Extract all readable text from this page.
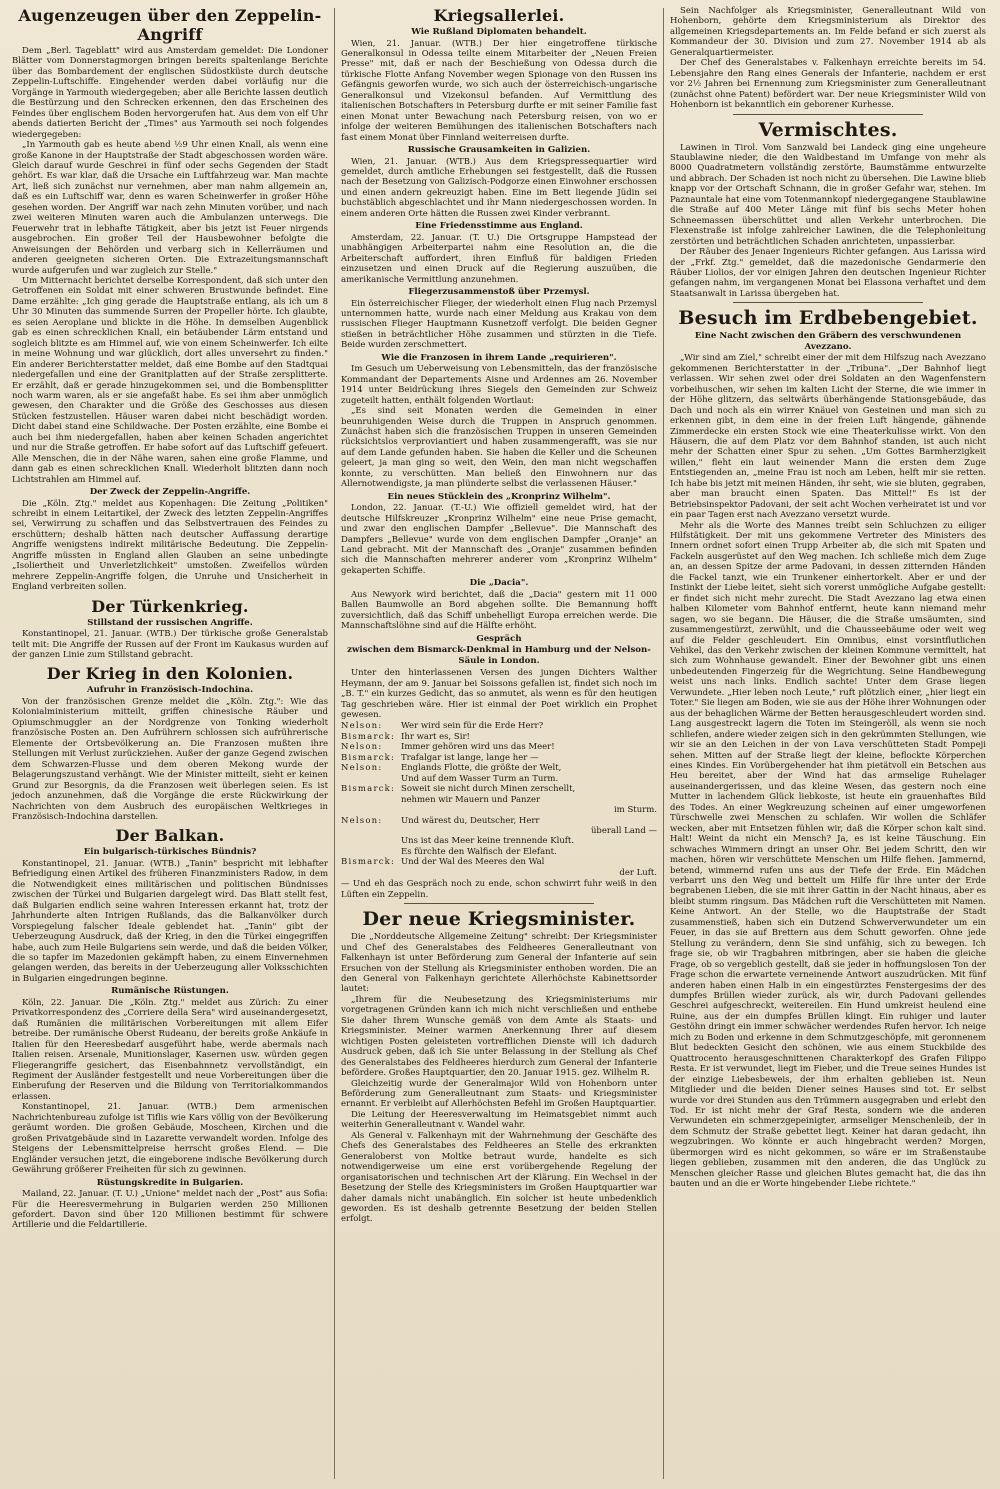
Augenzeugen über den Zeppelin-Angriff

Dem „Berl. Tageblatt" wird aus Amsterdam gemeldet: Die Londoner Blätter vom Donnerstagmorgen bringen bereits spaltenlange Berichte über das Bombardement der englischen Südostküste durch deutsche Zeppelin-Luftschiffe. Eingehender werden dabei vorläufig nur die Vorgänge in Yarmouth wiedergegeben; aber alle Berichte lassen deutlich die Bestürzung und den Schrecken erkennen, den das Erscheinen des Feindes über englischem Boden hervorgerufen hat. Aus dem von elf Uhr abends datierten Bericht der „Times" aus Yarmouth sei noch folgendes wiedergegeben:

„In Yarmouth gab es heute abend ½9 Uhr einen Knall, als wenn eine große Kanone in der Hauptstraße der Stadt abgeschossen worden wäre. Gleich darauf wurde Geschrei in fünf oder sechs Gegenden der Stadt gehört. Es war klar, daß die Ursache ein Luftfahrzeug war. Man machte Art, ließ sich zunächst nur vernehmen, aber man nahm allgemein an, daß es ein Luftschiff war, denn es waren Scheinwerfer in großer Höhe gesehen worden. Der Angriff war nach zehn Minuten vorüber, und nach zwei weiteren Minuten waren auch die Ambulanzen unterwegs. Die Feuerwehr trat in lebhafte Tätigkeit, aber bis jetzt ist Feuer nirgends ausgebrochen. Ein großer Teil der Hausbewohner befolgte die Anweisungen der Behörden und verbarg sich in Kellerräumen und anderen geeigneten sicheren Orten. Die Extrazeitungsmannschaft wurde aufgerufen und war zugleich zur Stelle."

Um Mitternacht berichtet derselbe Korrespondent, daß sich unter den Getroffenen ein Soldat mit einer schweren Brustwunde befindet. Eine Dame erzählte: „Ich ging gerade die Hauptstraße entlang, als ich um 8 Uhr 30 Minuten das summende Surren der Propeller hörte. Ich glaubte, es seien Aeroplane und blickte in die Höhe. In demselben Augenblick gab es einen schrecklichen Knall, ein betäubender Lärm entstand und sogleich blitzte es am Himmel auf, wie von einem Scheinwerfer. Ich eilte in meine Wohnung und war glücklich, dort alles unversehrt zu finden." Ein anderer Berichterstatter meldet, daß eine Bombe auf den Stadtquai niedergefallen und eine der Granitplatten auf der Straße zersplitterte. Er erzählt, daß er gerade hinzugekommen sei, und die Bombensplitter noch warm waren, als er sie angefaßt habe. Es sei ihm aber unmöglich gewesen, den Charakter und die Größe des Geschosses aus diesen Stücken festzustellen. Häuser waren dabei nicht beschädigt worden. Dicht dabei stand eine Schildwache. Der Posten erzählte, eine Bombe ei auch bei ihm niedergefallen, haben aber keinen Schaden angerichtet und nur die Straße getroffen. Er habe sofort auf das Luftschiff gefeuert. Alle Menschen, die in der Nähe waren, sahen eine große Flamme, und dann gab es einen schrecklichen Knall. Wiederholt blitzten dann noch Lichtstrahlen am Himmel auf.

Der Zweck der Zeppelin-Angriffe.

Die „Köln. Ztg." meldet aus Kopenhagen: Die Zeitung „Politiken" schreibt in einem Leitartikel, der Zweck des letzten Zeppelin-Angriffes sei, Verwirrung zu schaffen und das Selbstvertrauen des Feindes zu erschüttern; deshalb hätten nach deutscher Auffassung derartige Angriffe wenigstens indirekt militärische Bedeutung. Die Zeppelin-Angriffe müssten in England allen Glauben an seine unbedingte „Isoliertheit und Unverletzlichkeit" umstoßen. Zweifellos würden mehrere Zeppelin-Angriffe folgen, die Unruhe und Unsicherheit in England verbreiten sollen.

Der Türkenkrieg.
Stillstand der russischen Angriffe.

Konstantinopel, 21. Januar. (WTB.) Der türkische große Generalstab teilt mit: Die Angriffe der Russen auf der Front im Kaukasus wurden auf der ganzen Linie zum Stillstand gebracht.

Der Krieg in den Kolonien.
Aufruhr in Französisch-Indochina.

Von der französischen Grenze meldet die „Köln. Ztg.": Wie das Kolonialministerium mitteilt, griffen chinesische Räuber und Opiumschmuggler an der Nordgrenze von Tonking wiederholt französische Posten an. Den Aufrührern schlossen sich aufrührerische Elemente der Ortsbevölkerung an. Die Franzosen mußten ihre Stellungen mit Verlust zurückziehen. Außer der ganze Gegend zwischen dem Schwarzen-Flusse und dem oberen Mekong wurde der Belagerungszustand verhängt. Wie der Minister mitteilt, sieht er keinen Grund zur Besorgnis, da die Franzosen weit überlegen seien. Es ist jedoch anzunehmen, daß die Vorgänge die erste Rückwirkung der Nachrichten von dem Ausbruch des europäischen Weltkrieges in Französisch-Indochina darstellen.

Der Balkan.
Ein bulgarisch-türkisches Bündnis?

Konstantinopel, 21. Januar. (WTB.) „Tanin" bespricht mit lebhafter Befriedigung einen Artikel des früheren Finanzministers Radow, in dem die Notwendigkeit eines militärischen und politischen Bündnisses zwischen der Türkei und Bulgarien dargelegt wird. Das Blatt stellt fest, daß Bulgarien endlich seine wahren Interessen erkannt hat, trotz der Jahrhunderte alten Intrigen Rußlands, das die Balkanvölker durch Vorspiegelung falscher Ideale geblendet hat. „Tanin" gibt der Ueberzeugung Ausdruck, daß der Krieg, in den die Türkei eingegriffen habe, auch zum Heile Bulgariens sein werde, und daß die beiden Völker, die so tapfer im Mazedonien gekämpft haben, zu einem Einvernehmen gelangen werden, das bereits in der Ueberzeugung aller Volksschichten in Bulgarien eingedrungen beginne.

Rumänische Rüstungen.

Köln, 22. Januar. Die „Köln. Ztg." meldet aus Zürich: Zu einer Privatkorrespondenz des „Corriere della Sera" wird auseinandergesetzt, daß Rumänien die militärischen Vorbereitungen mit allem Eifer betreibe. Der rumänische Oberst Rudeanu, der bereits große Ankäufe in Italien für den Heeresbedarf ausgeführt habe, werde abermals nach Italien reisen. Arsenale, Munitionslager, Kasernen usw. würden gegen Fliegerangriffe gesichert, das Eisenbahnnetz vervollständigt, ein Regiment der Ausländer festgestellt und neue Vorbereitungen über die Einberufung der Reserven und die Bildung von Territorialkommandos erlassen.

Konstantinopel, 21. Januar. (WTB.) Dem armenischen Nachrichtenbureau zufolge ist Tiflis wie Kars völlig von der Bevölkerung geräumt worden. Die großen Gebäude, Moscheen, Kirchen und die großen Privatgebäude sind in Lazarette verwandelt worden. Infolge des Steigens der Lebensmittelpreise herrscht großes Elend. — Die Engländer versuchen jetzt, die eingeborene indische Bevölkerung durch Gewährung größerer Freiheiten für sich zu gewinnen.

Rüstungskredite in Bulgarien.

Mailand, 22. Januar. (T. U.) „Unione" meldet nach der „Post" aus Sofia: Für die Heeresvermehrung in Bulgarien werden 250 Millionen gefordert. Davon sind über 120 Millionen bestimmt für schwere Artillerie und die Feldartillerie.

Kriegsallerlei.
Wie Rußland Diplomaten behandelt.

Wien, 21. Januar. (WTB.) Der hier eingetroffene türkische Generalkonsul in Odessa teilte einem Mitarbeiter der „Neuen Freien Presse" mit, daß er nach der Beschießung von Odessa durch die türkische Flotte Anfang November wegen Spionage von den Russen ins Gefängnis geworfen wurde, wo sich auch der österreichisch-ungarische Generalkonsul und Vizekonsul befanden. Auf Vermittlung des italienischen Botschafters in Petersburg durfte er mit seiner Familie fast einen Monat unter Bewachung nach Petersburg reisen, von wo er infolge der weiteren Bemühungen des italienischen Botschafters nach fast einem Monat über Finnland weiterreisen durfte.

Russische Grausamkeiten in Galizien.

Wien, 21. Januar. (WTB.) Aus dem Kriegspressequartier wird gemeldet, durch amtliche Erhebungen sei festgestellt, daß die Russen nach der Besetzung von Galizisch-Podgorze einen Einwohner erschossen und einen andern gekreuzigt haben. Eine im Bett liegende Jüdin sei buchstäblich abgeschlachtet und ihr Mann niedergeschossen worden. In einem anderen Orte hätten die Russen zwei Kinder verbrannt.

Eine Friedensstimme aus England.

Amsterdam, 22. Januar. (T. U.) Die Ortsgruppe Hampstead der unabhängigen Arbeiterpartei nahm eine Resolution an, die die Arbeiterschaft auffordert, ihren Einfluß für baldigen Frieden einzusetzen und einen Druck auf die Regierung auszuüben, die amerikanische Vermittlung anzunehmen.

Fliegerzusammenstoß über Przemysl.

Ein österreichischer Flieger, der wiederholt einen Flug nach Przemysl unternommen hatte, wurde nach einer Meldung aus Krakau von dem russischen Flieger Hauptmann Kusnetzoff verfolgt. Die beiden Gegner stießen in beträchtlicher Höhe zusammen und stürzten in die Tiefe. Beide wurden zerschmettert.

Wie die Franzosen in ihrem Lande „requirieren".

Im Gesuch um Ueberweisung von Lebensmitteln, das der französische Kommandant der Departements Aisne und Ardennes am 26. November 1914 unter Beidrückung ihres Siegels den Gemeinden zur Schweiz zugeteilt hatten, enthält folgenden Wortlaut:

„Es sind seit Monaten werden die Gemeinden in einer beunruhigenden Weise durch die Truppen in Anspruch genommen. Zunächst haben sich die französischen Truppen in unseren Gemeinden rücksichtslos verproviantiert und haben zusammengerafft, was sie nur auf dem Lande gefunden haben. Sie haben die Keller und die Scheunen geleert, ja man ging so weit, den Wein, den man nicht wegschaffen konnte, zu verschütten. Man beließ den Einwohnern nur das Allernotwendigste, ja man plünderte selbst die verlassenen Häuser."

Ein neues Stücklein des „Kronprinz Wilhelm".

London, 22. Januar. (T.-U.) Wie offiziell gemeldet wird, hat der deutsche Hilfskreuzer „Kronprinz Wilhelm" eine neue Prise gemacht, und zwar den englischen Dampfer „Bellevue". Die Mannschaft des Dampfers „Bellevue" wurde von dem englischen Dampfer „Oranje" an Land gebracht. Mit der Mannschaft des „Oranje" zusammen befinden sich die Mannschaften mehrerer anderer vom „Kronprinz Wilhelm" gekaperten Schiffe.

Die „Dacia".

Aus Newyork wird berichtet, daß die „Dacia" gestern mit 11 000 Ballen Baumwolle an Bord abgehen sollte. Die Bemannung hofft zuversichtlich, daß das Schiff unbehelligt Europa erreichen werde. Die Mannschaftslöhne sind auf die Hälfte erhöht.

Gespräch
zwischen dem Bismarck-Denkmal in Hamburg und der Nelson-Säule in London.

Unter den hinterlassenen Versen des jungen Dichters Walther Heymann, der am 9. Januar bei Soissons gefallen ist, findet sich noch im „B. T." ein kurzes Gedicht, das so anmutet, als wenn es für den heutigen Tag geschrieben wäre. Hier ist einmal der Poet wirklich ein Prophet gewesen.

Nelson:	Wer wird sein für die Erde Herr?
Bismarck: Ihr wart es, Sir!
Nelson:	Immer gehören wird uns das Meer!
Bismarck: Trafalgar ist lange, lange her —
Nelson:	Englands Flotte, die größte der Welt,
Und auf dem Wasser Turm an Turm.
Bismarck: Soweit sie nicht durch Minen zerschellt,
nehmen wir Mauern und Panzer
im Sturm.
Nelson:	Und wärest du, Deutscher, Herr
überall Land —
Uns ist das Meer keine trennende Kluft.
Es fürchte den Walfisch der Elefant.
Bismarck: Und der Wal des Meeres den Wal
der Luft.

— Und eh das Gespräch noch zu ende, schon schwirrt fuhr weiß in den Lüften ein Zeppelin.

Der neue Kriegsminister.

Die „Norddeutsche Allgemeine Zeitung" schreibt: Der Kriegsminister und Chef des Generalstabes des Feldheeres Generalleutnant von Falkenhayn ist unter Beförderung zum General der Infanterie auf sein Ersuchen von der Stellung als Kriegsminister enthoben worden. Die an den General von Falkenhayn gerichtete Allerhöchste Kabinettsorder lautet:

„Ihrem für die Neubesetzung des Kriegsministeriums mir vorgetragenen Gründen kann ich mich nicht verschließen und enthebe Sie daher Ihrem Wunsche gemäß von dem Amte als Staats- und Kriegsminister. Meiner warmen Anerkennung Ihrer auf diesem wichtigen Posten geleisteten vortrefflichen Dienste will ich dadurch Ausdruck geben, daß ich Sie unter Belassung in der Stellung als Chef des Generalstabes des Feldheeres hierdurch zum General der Infanterie befördere. Großes Hauptquartier, den 20. Januar 1915. gez. Wilhelm R.

Gleichzeitig wurde der Generalmajor Wild von Hohenborn unter Beförderung zum Generalleutnant zum Staats- und Kriegsminister ernannt. Er verbleibt auf Allerhöchsten Befehl im Großen Hauptquartier.

Die Leitung der Heeresverwaltung im Heimatsgebiet nimmt auch weiterhin Generalleutnant v. Wandel wahr.

Als General v. Falkenhayn mit der Wahrnehmung der Geschäfte des Chefs des Generalstabes des Feldheeres an Stelle des erkrankten Generaloberst von Moltke betraut wurde, handelte es sich notwendigerweise um eine erst vorübergehende Regelung der organisatorischen und technischen Art der Klärung. Ein Wechsel in der Besetzung der Stelle des Kriegsministers im Großen Hauptquartier war daher damals nicht unabänglich. Ein solcher ist heute unbedenklich geworden. Es ist deshalb getrennte Besetzung der beiden Stellen erfolgt.

Sein Nachfolger als Kriegsminister, Generalleutnant Wild von Hohenborn, gehörte dem Kriegsministerium als Direktor des allgemeinen Kriegsdepartements an. Im Felde befand er sich zuerst als Kommandeur der 30. Division und zum 27. November 1914 ab als Generalquartiermeister.

Der Chef des Generalstabes v. Falkenhayn erreichte bereits im 54. Lebensjahre den Rang eines Generals der Infanterie, nachdem er erst vor 2½ Jahren bei Ernennung zum Kriegsminister zum Generalleutnant (zunächst ohne Patent) befördert war. Der neue Kriegsminister Wild von Hohenborn ist bekanntlich ein geborener Kurhesse.

Vermischtes.

Lawinen in Tirol. Vom Sanzwald bei Landeck ging eine ungeheure Staublawine nieder, die den Waldbestand im Umfange von mehr als 8000 Quadratmetern vollständig zerstörte, Baumstämme entwurzelte und abbrach. Der Schaden ist noch nicht zu übersehen. Die Lawine blieb knapp vor der Ortschaft Schnann, die in großer Gefahr war, stehen. Im Paznauntale hat eine vom Totenmannkopf niedergegangene Staublawine die Straße auf 400 Meter Länge mit fünf bis sechs Meter hohen Schneemassen überschüttet und allen Verkehr unterbrochen. Die Flexenstraße ist infolge zahlreicher Lawinen, die die Telephonleitung zerstörten und beträchtlichen Schaden anrichteten, unpassierbar.

Der Räuber des Jenaer Ingenieurs Richter gefangen. Aus Larissa wird der „Frkf. Ztg." gemeldet, daß die mazedonische Gendarmerie den Räuber Liolios, der vor einigen Jahren den deutschen Ingenieur Richter gefangen nahm, im vergangenen Monat bei Elassona verhaftet und dem Staatsanwalt in Larissa übergeben hat.

Besuch im Erdbebengebiet.
Eine Nacht zwischen den Gräbern des verschwundenen Avezzano.

„Wir sind am Ziel," schreibt einer der mit dem Hilfszug nach Avezzano gekommenen Berichterstatter in der „Tribuna". „Der Bahnhof liegt verlassen. Wir sehen zwei oder drei Soldaten an den Wagenfenstern vorbeihuschen, wir sehen im kalten Licht der Sterne, die wie immer in der Höhe glitzern, das seltwärts überhängende Stationsgebäude, das Dach und noch als ein wirrer Knäuel von Gesteinen und man sich zu erkennen gibt, in dem eine in der freien Luft hängende, gähnende Zimmerdecke ein ersten Stock wie eine Theaterkulisse wirkt. Von den Häusern, die auf dem Platz vor dem Bahnhof standen, ist auch nicht mehr der Schatten einer Spur zu sehen. „Um Gottes Barmherzigkeit willen," fleht ein laut weinender Mann die ersten dem Zuge Entstiegenden an, „meine Frau ist noch am Leben, helft mir sie retten. Ich habe bis jetzt mit meinen Händen, ihr seht, wie sie bluten, gegraben, aber man braucht einen Spaten. Das Mittel!" Es ist der Betriebsinspektor Padovani, der seit acht Wochen verheiratet ist und vor ein paar Tagen erst nach Avezzano versetzt wurde.

Mehr als die Worte des Mannes treibt sein Schluchzen zu eiliger Hilfstätigkeit. Der mit uns gekommene Vertreter des Ministers des Innern ordnet sofort einen Trupp Arbeiter ab, die sich mit Spaten und Fackeln ausgerüstet auf den Weg machen. Ich schließe mich dem Zuge an, an dessen Spitze der arme Padovani, in dessen zitternden Händen die Fackel tanzt, wie ein Trunkener einhertorkelt. Aber er und der Instinkt der Liebe leitet, sieht sich vorerst unmögliche Aufgabe gestellt: er findet sich nicht mehr zurecht. Die Stadt Avezzano lag etwa einen halben Kilometer vom Bahnhof entfernt, heute kann niemand mehr sagen, wo sie begann. Die Häuser, die die Straße umsäumten, sind zusammengestürzt, zerwühlt, und die Chausseebäume oder weit weg auf die Felder geschleudert. Ein Omnibus, einst vorsintflutlichen Vehikel, das den Verkehr zwischen der kleinen Kommune vermittelt, hat sich zum Wohnhause gewandelt. Einer der Bewohner gibt uns einen unbedeutenden Fingerzeig für die Wegrichtung. Seine Handbewegung weist uns nach links. Endlich sachte! Unter dem Grase liegen Verwundete. „Hier leben noch Leute," ruft plötzlich einer, „hier liegt ein Toter." Sie liegen am Boden, wie sie aus der Höhe ihrer Wohnungen oder aus der behaglichen Wärme der Betten herausgeschleudert worden sind. Lang ausgestreckt lagern die Toten im Steingeröll, als wenn sie noch schliefen, andere wieder zeigen sich in den gekrümmten Stellungen, wie wir sie an den Leichen in der von Lava verschütteten Stadt Pompeji sehen. Mitten auf der Straße liegt der kleine, beflockte Körperchen eines Kindes. Ein Vorübergehender hat ihm pietätvoll ein Betschen aus Heu bereitet, aber der Wind hat das armselige Ruhelager auseinandergerissen, und das kleine Wesen, das gestern noch eine Mutter in lachendem Glück liebkoste, ist heute ein grauenhaftes Bild des Todes. An einer Wegkreuzung scheinen auf einer umgeworfenen Türschwelle zwei Menschen zu schlafen. Wir wollen die Schläfer wecken, aber mit Entsetzen fühlen wir, daß die Körper schon kalt sind. Halt! Weint da nicht ein Mensch? Ja, es ist keine Täuschung. Ein schwaches Wimmern dringt an unser Ohr. Bei jedem Schritt, den wir machen, hören wir verschüttete Menschen um Hilfe flehen. Jammernd, betend, wimmernd rufen uns aus der Tiefe der Erde. Ein Mädchen verbarrt uns den Weg und bettelt um Hilfe für ihre unter der Erde begrabenen Lieben, die sie mit ihrer Gattin in der Nacht hinaus, aber es bleibt stumm ringsum. Das Mädchen ruft die Verschütteten mit Namen. Keine Antwort. An der Stelle, wo die Hauptstraße der Stadt zusammenstieß, haben sich ein Dutzend Schwerverwundeter um ein Feuer, in das sie auf Brettern aus dem Schutt geworfen. Ohne jede Stellung zu verändern, denn Sie sind unfähig, sich zu bewegen. Ich frage sie, ob wir Tragbahren mitbringen, aber sie haben die gleiche Frage, ob so vergeblich gestellt, daß sie jeder in hoffnungslosen Ton der Frage schon die erwartete verneinende Antwort auszudrücken. Mit fünf anderen haben einen Halb in ein eingestürztes Fenstergesims der des dumpfes Brüllen wieder zurück, als wir, durch Padovani gellendes Geschrei aufgeschreckt, weitereilen. Ein Hund umkreist heulend eine Ruine, aus der ein dumpfes Brüllen klingt. Ein ruhiger und lauter Gestöhn dringt ein immer schwächer werdendes Rufen hervor. Ich neige mich zu Boden und erkenne in dem Schmutzgeschöpfe, mit geronnenem Blut bedeckten Gesicht den schönen, wie aus einem Stuckbilde des Quattrocento herausgeschnittenen Charakterkopf des Grafen Filippo Resta. Er ist verwundet, liegt im Fieber, und die Treue seines Hundes ist der einzige Liebesbeweis, der ihm erhalten geblieben ist. Neun Mitglieder und die beiden Diener seines Hauses sind tot. Er selbst wurde vor drei Stunden aus den Trümmern ausgegraben und erlebt den Tod. Er ist nicht mehr der Graf Resta, sondern wie die anderen Verwundeten ein schmerzgepeinigter, armseliger Menschenleib, der in dem Schmutz der Straße gebettet liegt. Keiner hat daran gedacht, ihn wegzubringen. Wo könnte er auch hingebracht werden? Morgen, übermorgen wird es nicht gekommen, so wäre er im Straßenstaube liegen geblieben, zusammen mit den anderen, die das Unglück zu Menschen gleicher Rasse und gleichen Blutes gemacht hat, die das ihn bauten und an die er Worte hingebender Liebe richtete."
